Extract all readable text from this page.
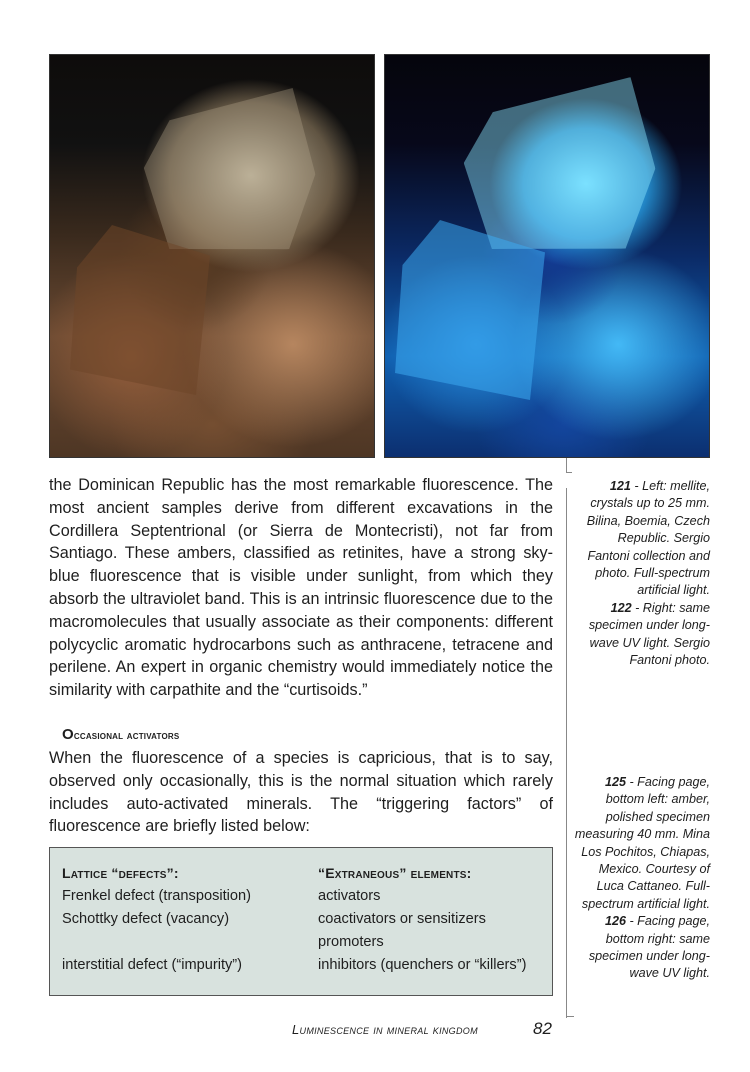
the Dominican Republic has the most remarkable fluorescence. The most ancient samples derive from different excavations in the Cordillera Septentrional (or Sierra de Montecristi), not far from Santiago. These ambers, classified as retinites, have a strong sky-blue fluorescence that is visible under sunlight, from which they absorb the ultraviolet band. This is an intrinsic fluorescence due to the macromolecules that usually associate as their components: different polycyclic aromatic hydrocarbons such as anthracene, tetracene and perilene. An expert in organic chemistry would immediately notice the similarity with carpathite and the “curtisoids.”

Occasional activators

When the fluorescence of a species is capricious, that is to say, observed only occasionally, this is the normal situation which rarely includes auto-activated minerals. The “triggering factors” of fluorescence are briefly listed below:

121 - Left: mellite, crystals up to 25 mm. Bilina, Boemia, Czech Republic. Sergio Fantoni collection and photo. Full-spectrum artificial light.
122 - Right: same specimen under long-wave UV light. Sergio Fantoni photo.

125 - Facing page, bottom left: amber, polished specimen measuring 40 mm. Mina Los Pochitos, Chiapas, Mexico. Courtesy of Luca Cattaneo. Full-spectrum artificial light.
126 - Facing page, bottom right: same specimen under long-wave UV light.

Lattice “defects”:
Frenkel defect (transposition)
Schottky defect (vacancy)
interstitial defect (“impurity”)
“Extraneous” elements:
activators
coactivators or sensitizers
promoters
inhibitors (quenchers or “killers”)

Luminescence in mineral kingdom	82
